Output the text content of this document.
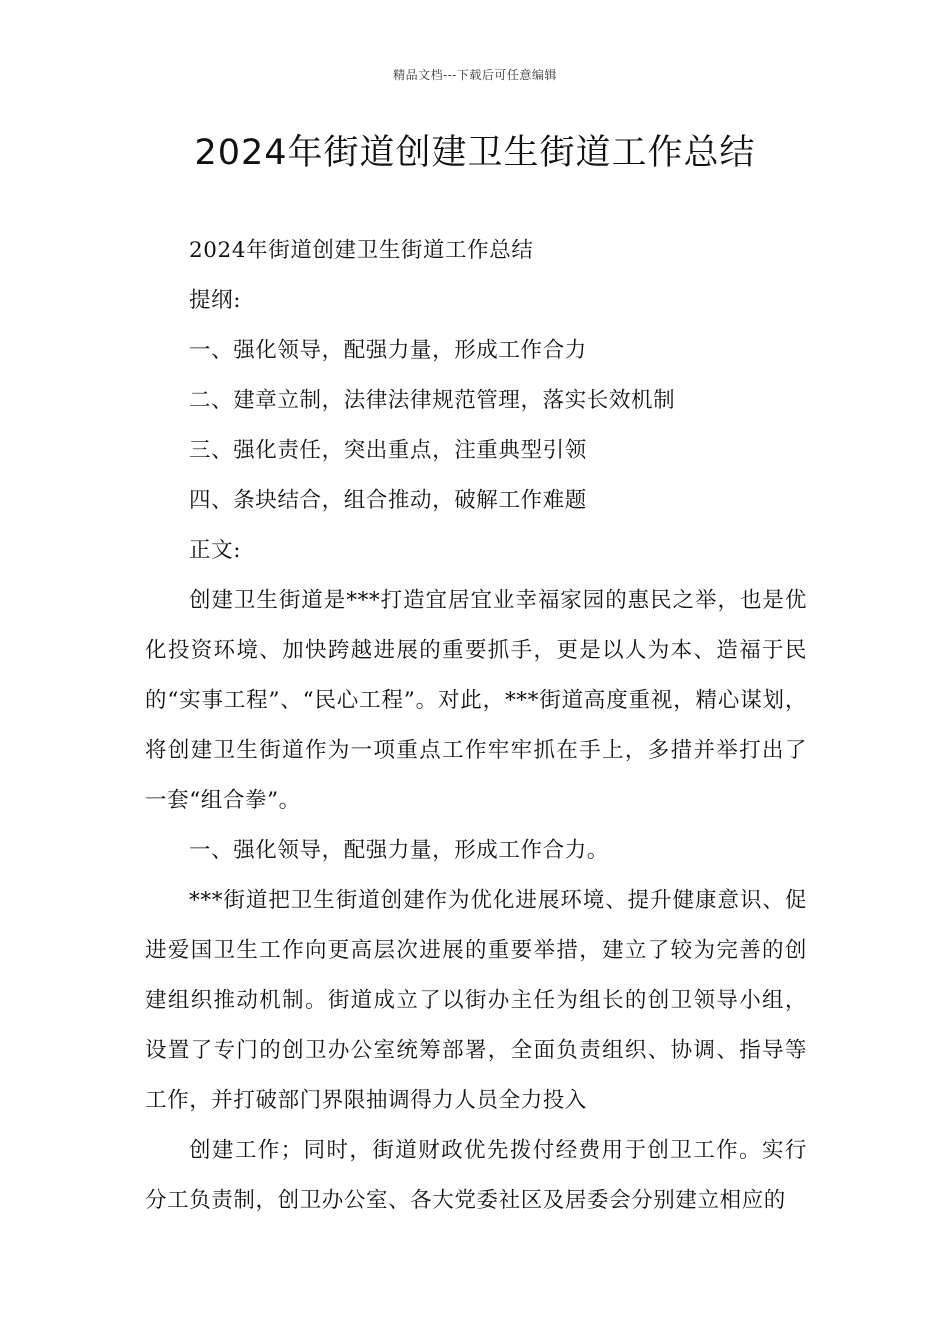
精品文档---下载后可任意编辑
2024年街道创建卫生街道工作总结

2024年街道创建卫生街道工作总结

提纲:

一、强化领导，配强力量，形成工作合力

二、建章立制，法律法律规范管理，落实长效机制

三、强化责任，突出重点，注重典型引领

四、条块结合，组合推动，破解工作难题

正文:

创建卫生街道是***打造宜居宜业幸福家园的惠民之举，也是优化投资环境、加快跨越进展的重要抓手，更是以人为本、造福于民的“实事工程”、“民心工程”。对此，***街道高度重视，精心谋划，将创建卫生街道作为一项重点工作牢牢抓在手上，多措并举打出了一套“组合拳”。

一、强化领导，配强力量，形成工作合力。

***街道把卫生街道创建作为优化进展环境、提升健康意识、促进爱国卫生工作向更高层次进展的重要举措，建立了较为完善的创建组织推动机制。街道成立了以街办主任为组长的创卫领导小组，设置了专门的创卫办公室统筹部署，全面负责组织、协调、指导等工作，并打破部门界限抽调得力人员全力投入

创建工作；同时，街道财政优先拨付经费用于创卫工作。实行分工负责制，创卫办公室、各大党委社区及居委会分别建立相应的
